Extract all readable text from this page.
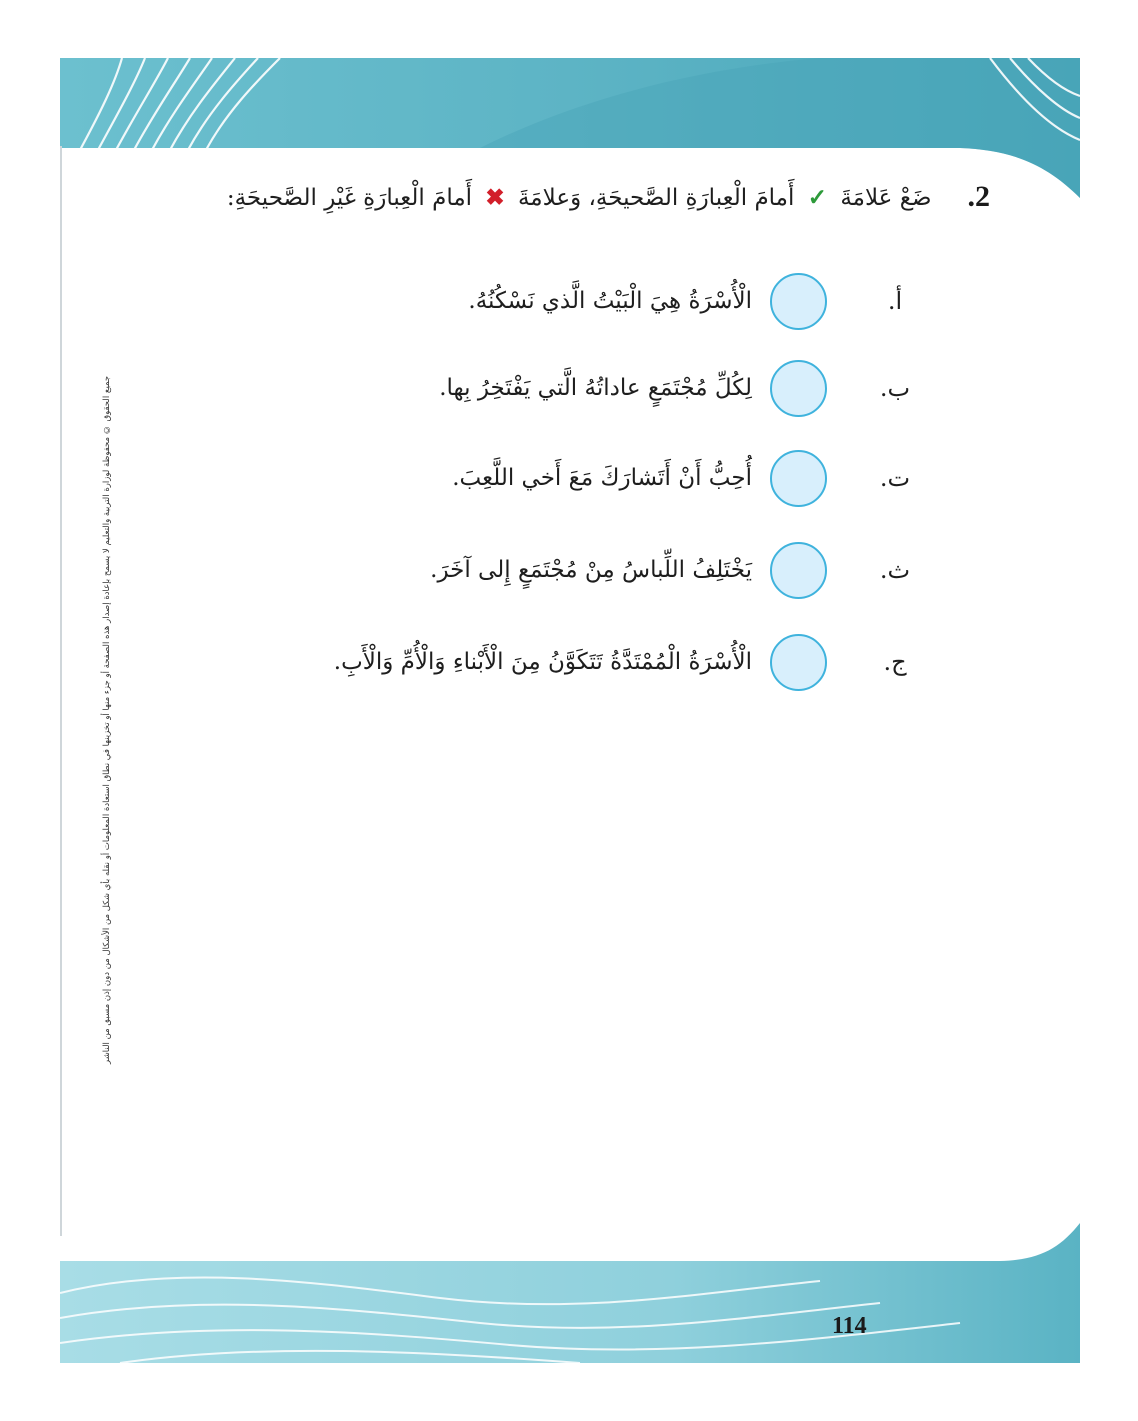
2.
ضَعْ عَلامَةَ ✓ أَمامَ الْعِبارَةِ الصَّحيحَةِ، وَعلامَةَ ✖ أَمامَ الْعِبارَةِ غَيْرِ الصَّحيحَةِ:
أ.
الْأُسْرَةُ هِيَ الْبَيْتُ الَّذي نَسْكُنُهُ.
ب.
لِكُلِّ مُجْتَمَعٍ عاداتُهُ الَّتي يَفْتَخِرُ بِها.
ت.
أُحِبُّ أَنْ أَتَشارَكَ مَعَ أَخي اللَّعِبَ.
ث.
يَخْتَلِفُ اللِّباسُ مِنْ مُجْتَمَعٍ إِلى آخَرَ.
ج.
الْأُسْرَةُ الْمُمْتَدَّةُ تَتَكَوَّنُ مِنَ الْأَبْناءِ وَالْأُمِّ وَالْأَبِ.
جميع الحقوق © محفوظة لوزارة التربية والتعليم لا يسمح بإعادة إصدار هذه الصفحة أو جزء منها أو تخزينها في نطاق استعادة المعلومات أو نقله بأي شكل من الأشكال من دون إذن مسبق من الناشر
114
